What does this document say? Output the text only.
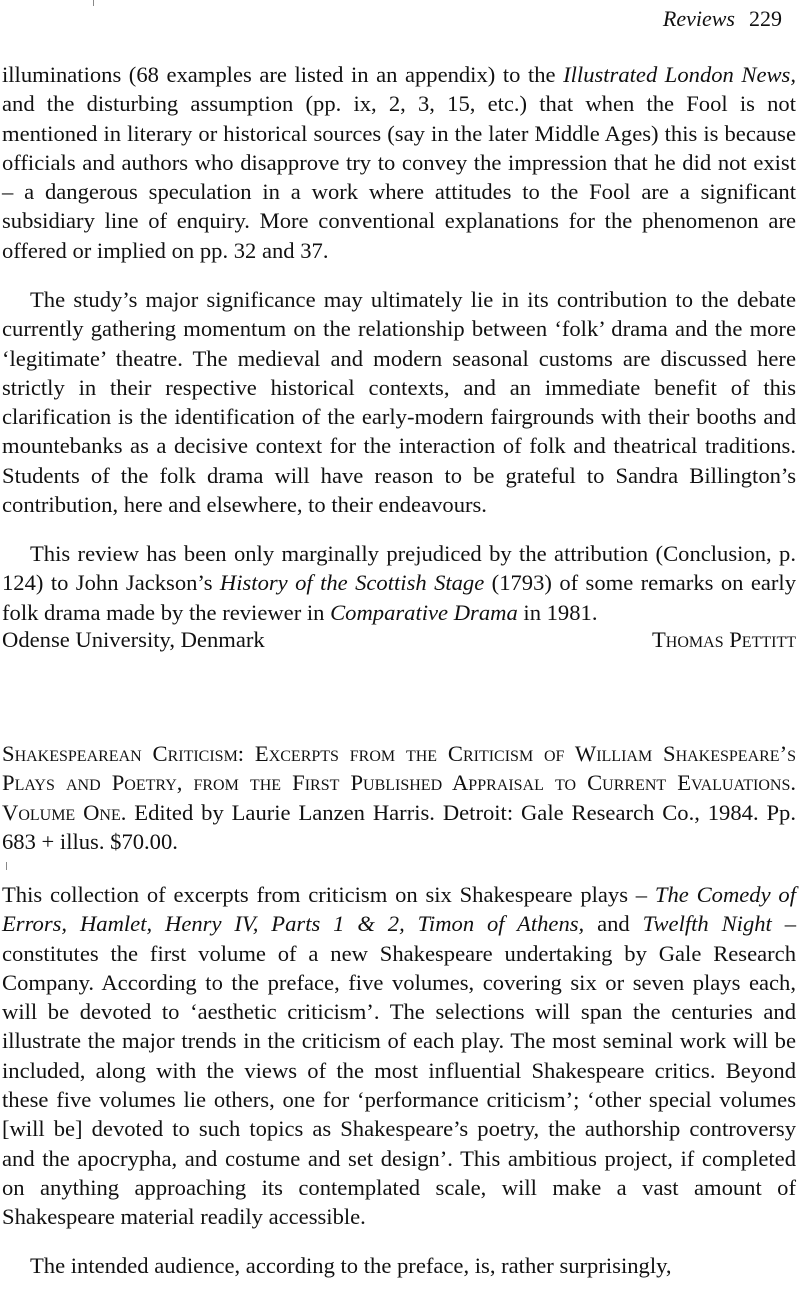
Reviews 229
illuminations (68 examples are listed in an appendix) to the Illustrated London News, and the disturbing assumption (pp. ix, 2, 3, 15, etc.) that when the Fool is not mentioned in literary or historical sources (say in the later Middle Ages) this is because officials and authors who disapprove try to convey the impression that he did not exist – a dangerous speculation in a work where attitudes to the Fool are a significant subsidiary line of enquiry. More conventional explanations for the phenomenon are offered or implied on pp. 32 and 37.
The study’s major significance may ultimately lie in its contribution to the debate currently gathering momentum on the relationship between ‘folk’ drama and the more ‘legitimate’ theatre. The medieval and modern seasonal customs are discussed here strictly in their respective historical contexts, and an immediate benefit of this clarification is the identification of the early-modern fairgrounds with their booths and mountebanks as a decisive context for the interaction of folk and theatrical traditions. Students of the folk drama will have reason to be grateful to Sandra Billington’s contribution, here and elsewhere, to their endeavours.
This review has been only marginally prejudiced by the attribution (Conclusion, p. 124) to John Jackson’s History of the Scottish Stage (1793) of some remarks on early folk drama made by the reviewer in Comparative Drama in 1981.
Odense University, Denmark	Thomas Pettitt
Shakespearean Criticism: Excerpts from the Criticism of William Shakespeare’s Plays and Poetry, from the First Published Appraisal to Current Evaluations. Volume One. Edited by Laurie Lanzen Harris. Detroit: Gale Research Co., 1984. Pp. 683 + illus. $70.00.
This collection of excerpts from criticism on six Shakespeare plays – The Comedy of Errors, Hamlet, Henry IV, Parts 1 & 2, Timon of Athens, and Twelfth Night – constitutes the first volume of a new Shakespeare undertaking by Gale Research Company. According to the preface, five volumes, covering six or seven plays each, will be devoted to ‘aesthetic criticism’. The selections will span the centuries and illustrate the major trends in the criticism of each play. The most seminal work will be included, along with the views of the most influential Shakespeare critics. Beyond these five volumes lie others, one for ‘performance criticism’; ‘other special volumes [will be] devoted to such topics as Shakespeare’s poetry, the authorship controversy and the apocrypha, and costume and set design’. This ambitious project, if completed on anything approaching its contemplated scale, will make a vast amount of Shakespeare material readily accessible.
The intended audience, according to the preface, is, rather surprisingly,
